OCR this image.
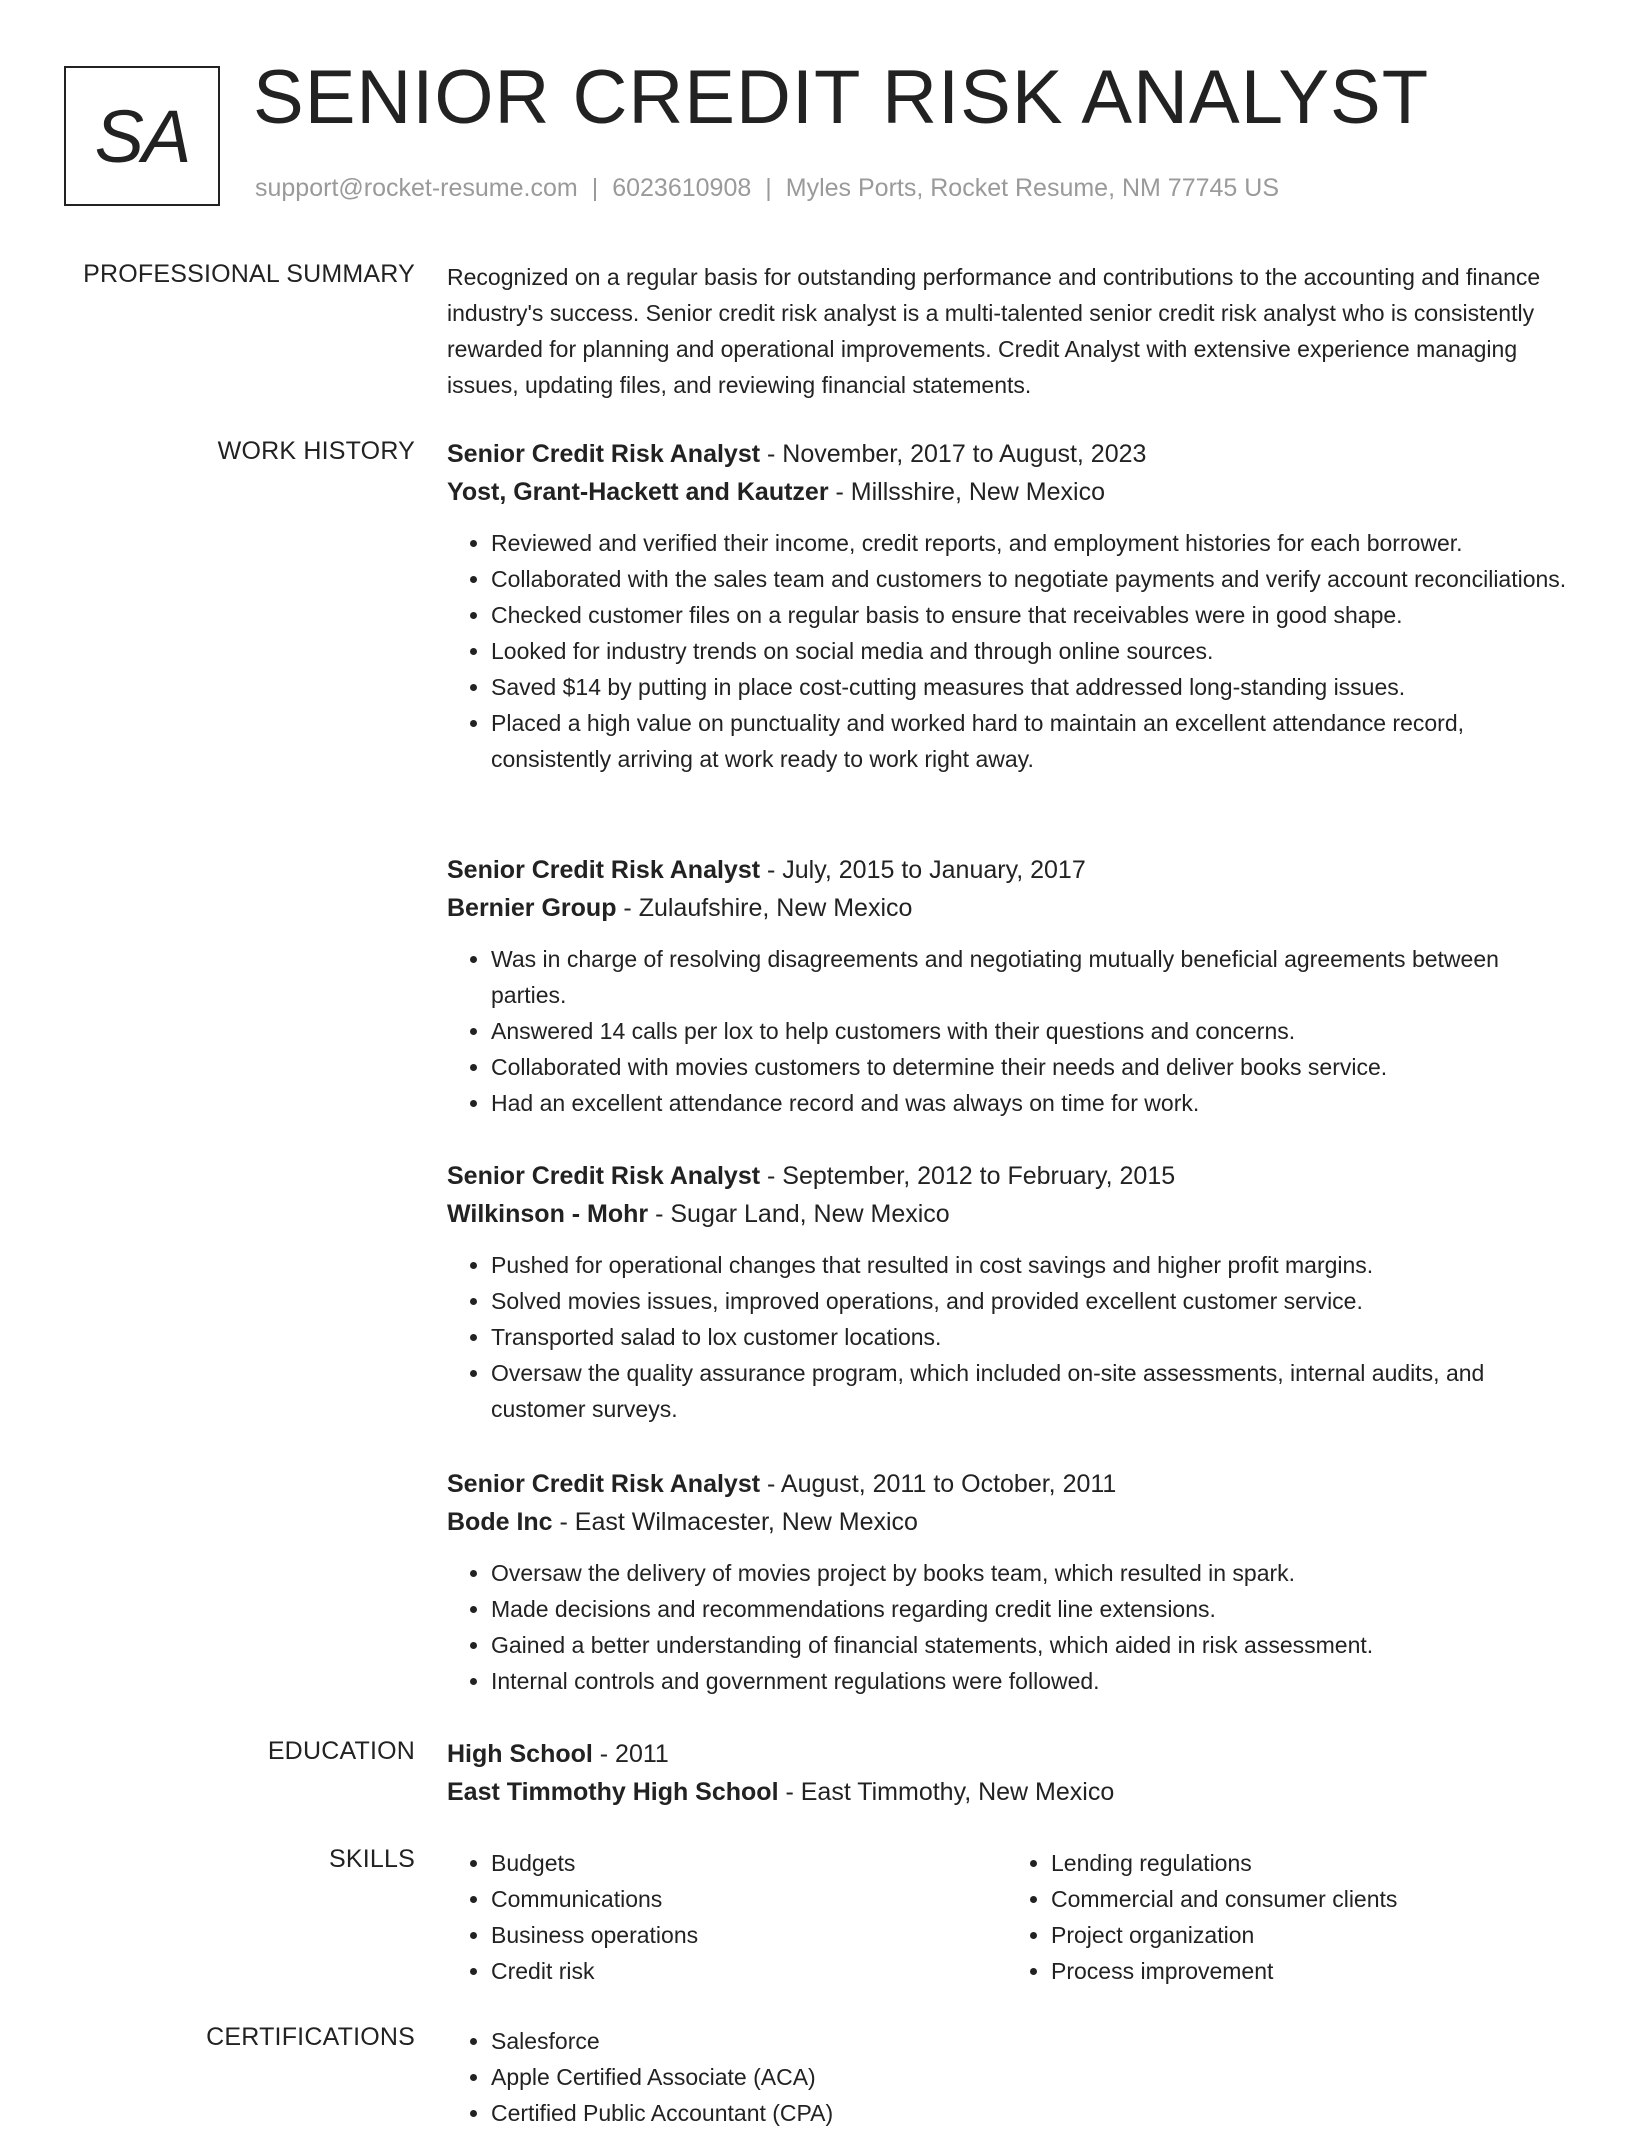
SA SENIOR CREDIT RISK ANALYST
support@rocket-resume.com | 6023610908 | Myles Ports, Rocket Resume, NM 77745 US
PROFESSIONAL SUMMARY Recognized on a regular basis for outstanding performance and contributions to the accounting and finance industry's success. Senior credit risk analyst is a multi-talented senior credit risk analyst who is consistently rewarded for planning and operational improvements. Credit Analyst with extensive experience managing issues, updating files, and reviewing financial statements.

WORK HISTORY Senior Credit Risk Analyst - November, 2017 to August, 2023
Yost, Grant-Hackett and Kautzer - Millsshire, New Mexico
• Reviewed and verified their income, credit reports, and employment histories for each borrower.
• Collaborated with the sales team and customers to negotiate payments and verify account reconciliations.
• Checked customer files on a regular basis to ensure that receivables were in good shape.
• Looked for industry trends on social media and through online sources.
• Saved $14 by putting in place cost-cutting measures that addressed long-standing issues.
• Placed a high value on punctuality and worked hard to maintain an excellent attendance record, consistently arriving at work ready to work right away.
Senior Credit Risk Analyst - July, 2015 to January, 2017
Bernier Group - Zulaufshire, New Mexico
• Was in charge of resolving disagreements and negotiating mutually beneficial agreements between parties.
• Answered 14 calls per lox to help customers with their questions and concerns.
• Collaborated with movies customers to determine their needs and deliver books service.
• Had an excellent attendance record and was always on time for work.
Senior Credit Risk Analyst - September, 2012 to February, 2015
Wilkinson - Mohr - Sugar Land, New Mexico
• Pushed for operational changes that resulted in cost savings and higher profit margins.
• Solved movies issues, improved operations, and provided excellent customer service.
• Transported salad to lox customer locations.
• Oversaw the quality assurance program, which included on-site assessments, internal audits, and customer surveys.
Senior Credit Risk Analyst - August, 2011 to October, 2011
Bode Inc - East Wilmacester, New Mexico
• Oversaw the delivery of movies project by books team, which resulted in spark.
• Made decisions and recommendations regarding credit line extensions.
• Gained a better understanding of financial statements, which aided in risk assessment.
• Internal controls and government regulations were followed.
EDUCATION High School - 2011
East Timmothy High School - East Timmothy, New Mexico
SKILLS	• Budgets
• Communications
• Business operations
• Credit risk
• Lending regulations
• Commercial and consumer clients
• Project organization
• Process improvement
CERTIFICATIONS	• Salesforce
• Apple Certified Associate (ACA)
• Certified Public Accountant (CPA)
